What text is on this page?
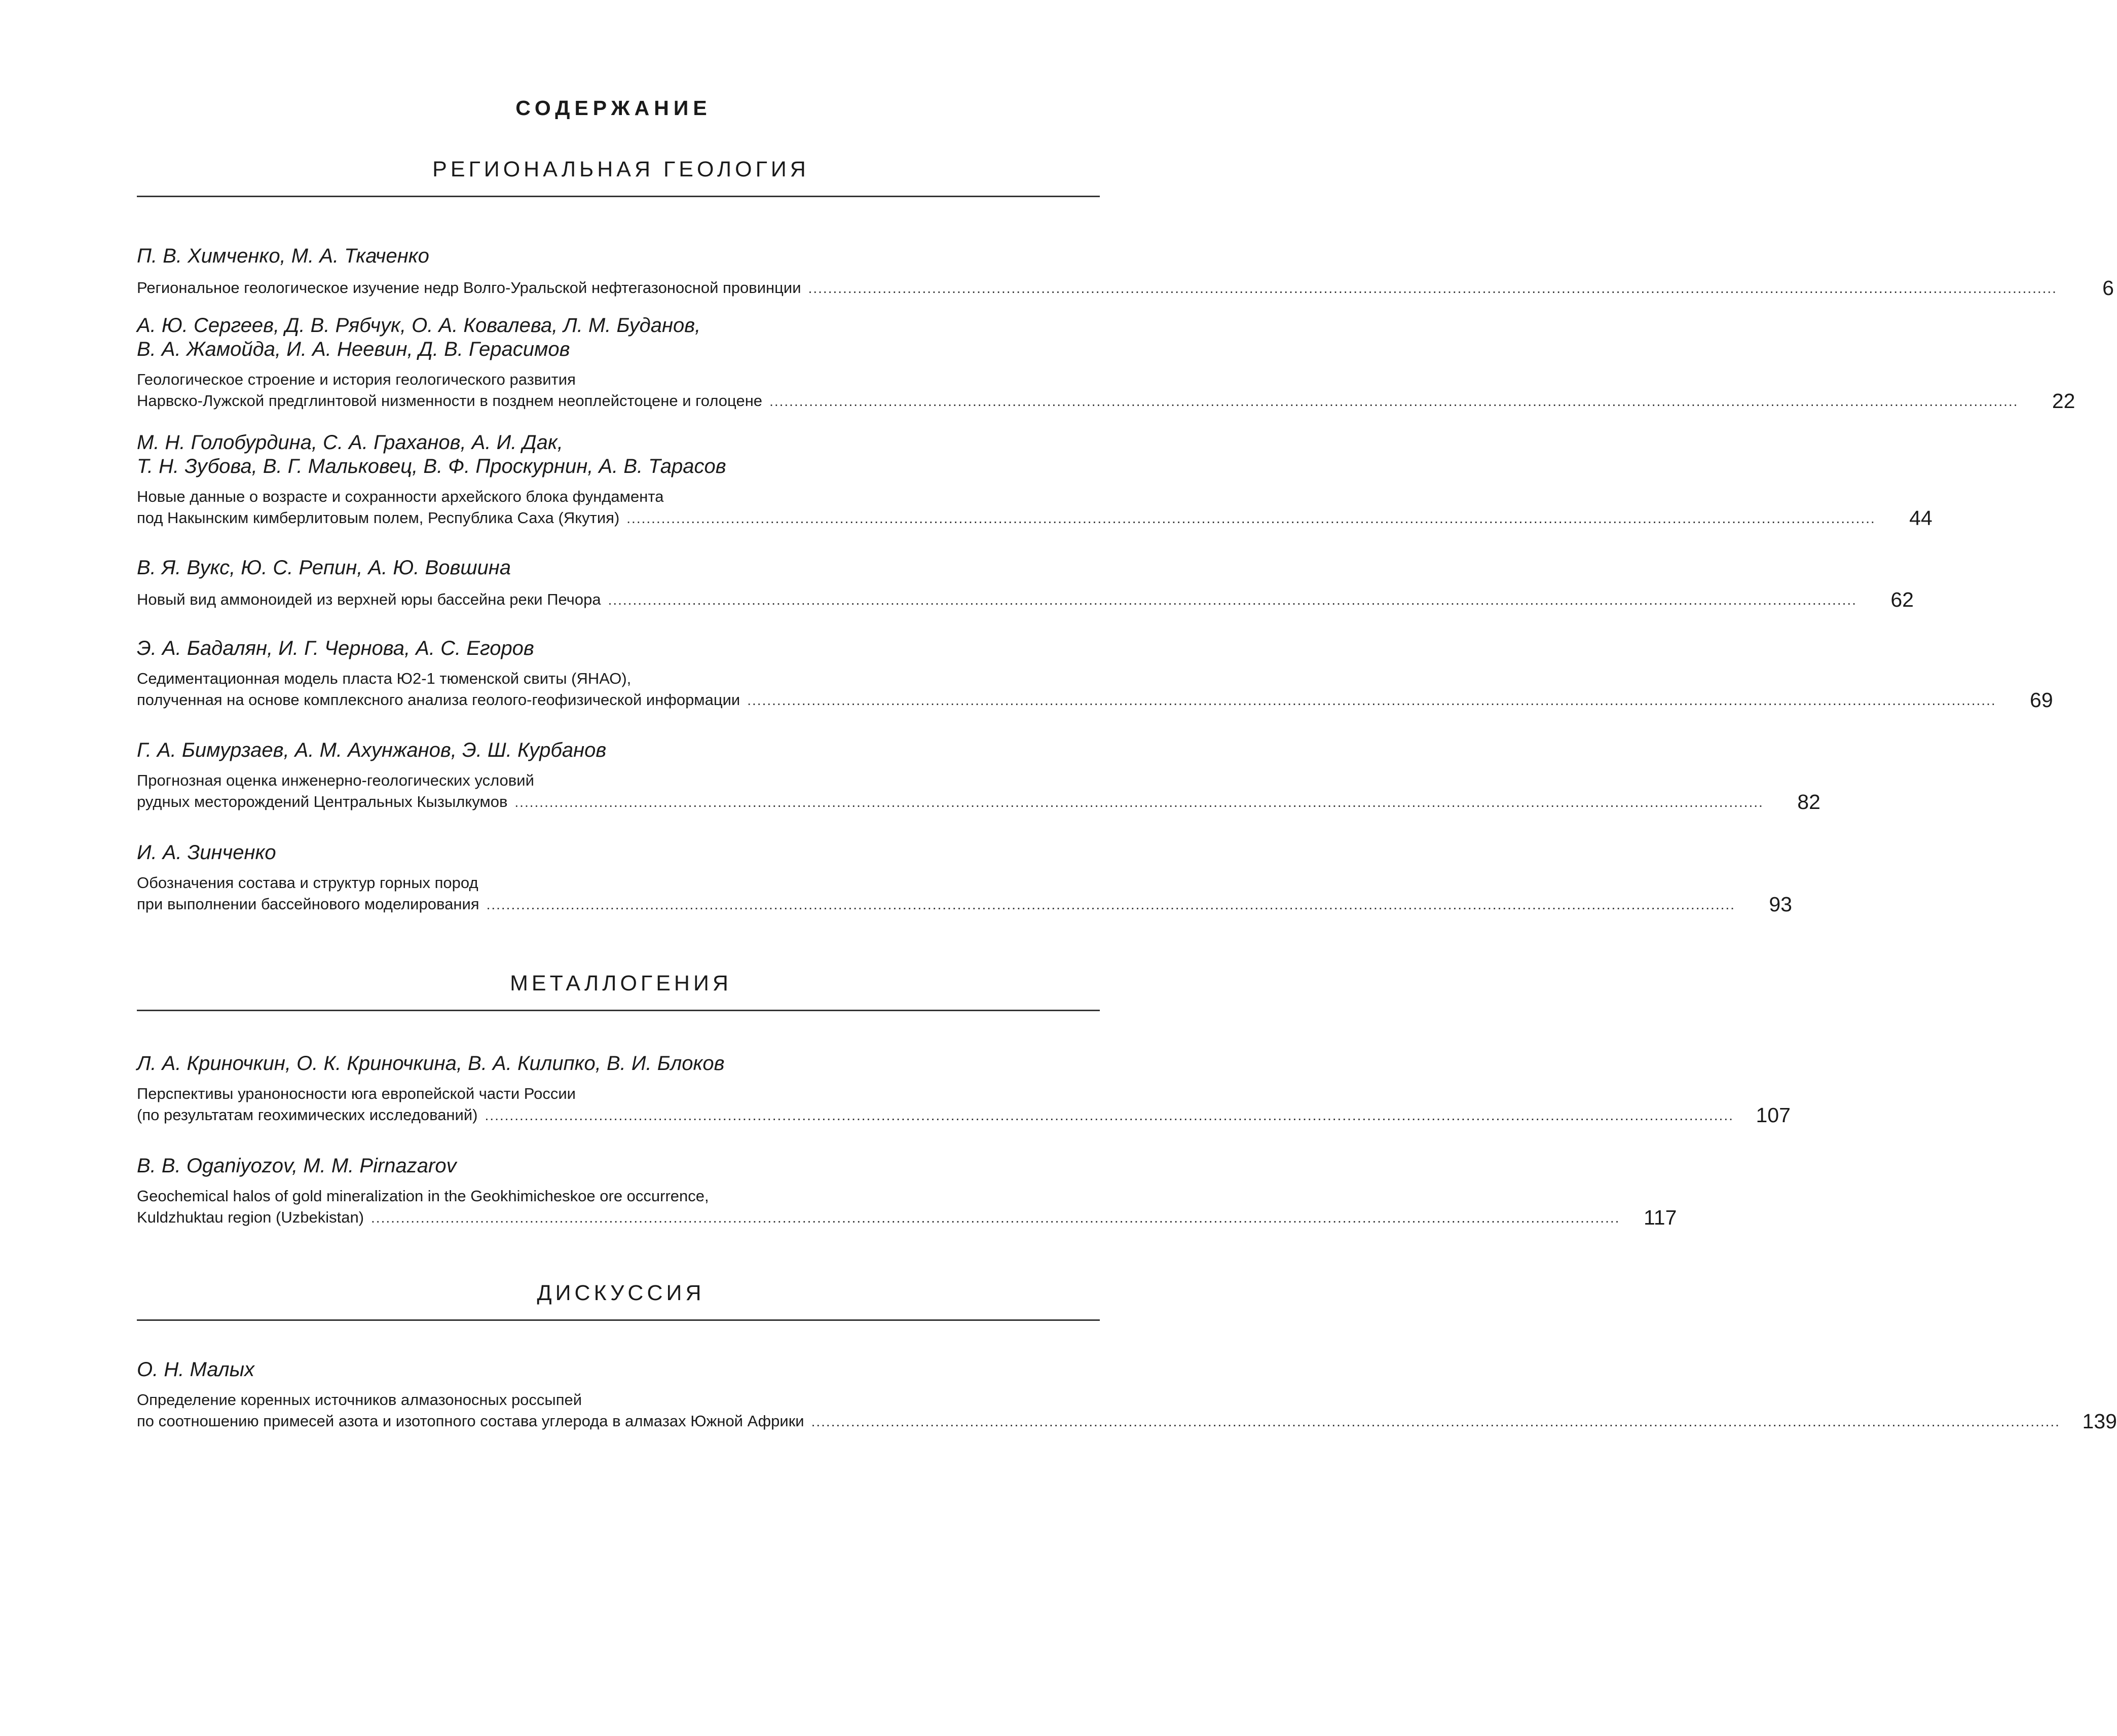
СОДЕРЖАНИЕ
РЕГИОНАЛЬНАЯ ГЕОЛОГИЯ
П. В. Химченко, М. А. Ткаченко
Региональное геологическое изучение недр Волго-Уральской нефтегазоносной провинции ............................................................................................................................................................................................................................................................	6
А. Ю. Сергеев, Д. В. Рябчук, О. А. Ковалева, Л. М. Буданов,
В. А. Жамойда, И. А. Неевин, Д. В. Герасимов
Геологическое строение и история геологического развития
Нарвско-Лужской предглинтовой низменности в позднем неоплейстоцене и голоцене ............................................................................................................................................................................................................................................................	22
М. Н. Голобурдина, С. А. Граханов, А. И. Дак,
Т. Н. Зубова, В. Г. Мальковец, В. Ф. Проскурнин, А. В. Тарасов
Новые данные о возрасте и сохранности архейского блока фундамента
под Накынским кимберлитовым полем, Республика Саха (Якутия) ............................................................................................................................................................................................................................................................	44
В. Я. Вукс, Ю. С. Репин, А. Ю. Вовшина
Новый вид аммоноидей из верхней юры бассейна реки Печора ............................................................................................................................................................................................................................................................	62
Э. А. Бадалян, И. Г. Чернова, А. С. Егоров
Седиментационная модель пласта Ю2-1 тюменской свиты (ЯНАО),
полученная на основе комплексного анализа геолого-геофизической информации ............................................................................................................................................................................................................................................................	69
Г. А. Бимурзаев, А. М. Ахунжанов, Э. Ш. Курбанов
Прогнозная оценка инженерно-геологических условий
рудных месторождений Центральных Кызылкумов ............................................................................................................................................................................................................................................................	82
И. А. Зинченко
Обозначения состава и структур горных пород
при выполнении бассейнового моделирования ............................................................................................................................................................................................................................................................	93
МЕТАЛЛОГЕНИЯ
Л. А. Криночкин, О. К. Криночкина, В. А. Килипко, В. И. Блоков
Перспективы ураноносности юга европейской части России
(по результатам геохимических исследований) ............................................................................................................................................................................................................................................................	107
B. B. Oganiyozov, M. M. Pirnazarov
Geochemical halos of gold mineralization in the Geokhimicheskoe ore occurrence,
Kuldzhuktau region (Uzbekistan) ............................................................................................................................................................................................................................................................	117
ДИСКУССИЯ
О. Н. Малых
Определение коренных источников алмазоносных россыпей
по соотношению примесей азота и изотопного состава углерода в алмазах Южной Африки ............................................................................................................................................................................................................................................................	139
